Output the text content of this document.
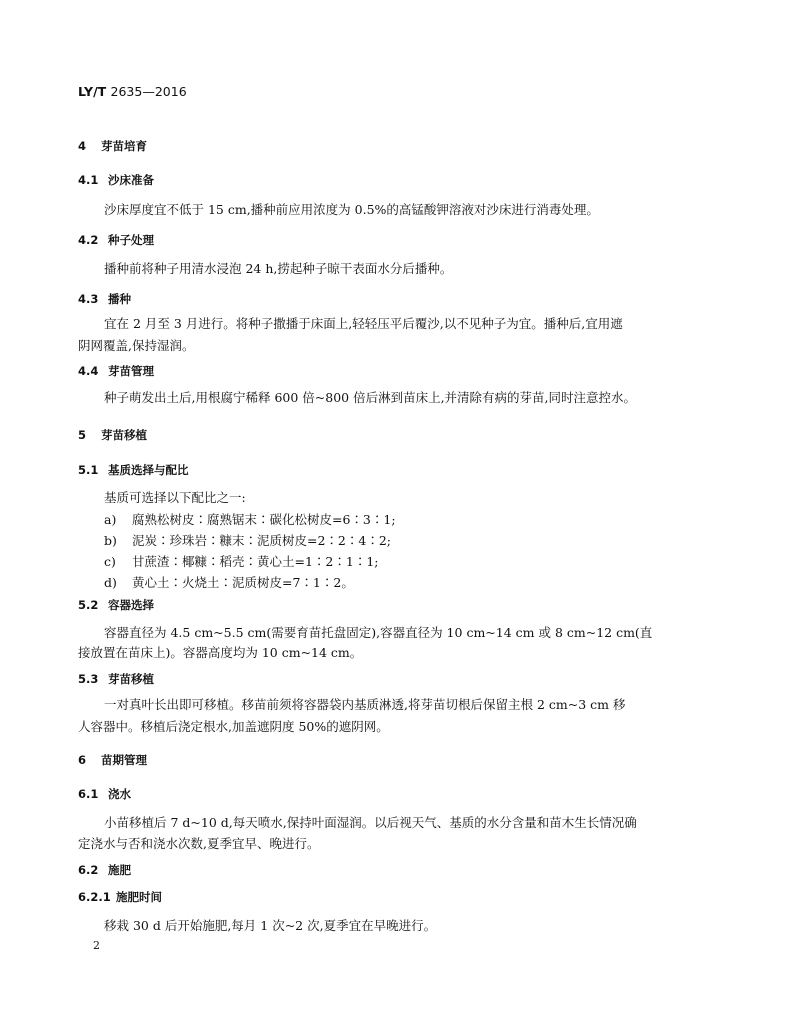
LY/T 2635—2016
4 芽苗培育
4.1 沙床准备
沙床厚度宜不低于 15 cm,播种前应用浓度为 0.5%的高锰酸钾溶液对沙床进行消毒处理。
4.2 种子处理
播种前将种子用清水浸泡 24 h,捞起种子晾干表面水分后播种。
4.3 播种
宜在 2 月至 3 月进行。将种子撒播于床面上,轻轻压平后覆沙,以不见种子为宜。播种后,宜用遮
阴网覆盖,保持湿润。
4.4 芽苗管理
种子萌发出土后,用根腐宁稀释 600 倍~800 倍后淋到苗床上,并清除有病的芽苗,同时注意控水。
5 芽苗移植
5.1 基质选择与配比
基质可选择以下配比之一:
a) 腐熟松树皮∶腐熟锯末∶碳化松树皮=6∶3∶1;
b) 泥炭∶珍珠岩∶糠末∶泥质树皮=2∶2∶4∶2;
c) 甘蔗渣∶椰糠∶稻壳∶黄心土=1∶2∶1∶1;
d) 黄心土∶火烧土∶泥质树皮=7∶1∶2。
5.2 容器选择
容器直径为 4.5 cm~5.5 cm(需要育苗托盘固定),容器直径为 10 cm~14 cm 或 8 cm~12 cm(直
接放置在苗床上)。容器高度均为 10 cm~14 cm。
5.3 芽苗移植
一对真叶长出即可移植。移苗前须将容器袋内基质淋透,将芽苗切根后保留主根 2 cm~3 cm 移
人容器中。移植后浇定根水,加盖遮阴度 50%的遮阴网。
6 苗期管理
6.1 浇水
小苗移植后 7 d~10 d,每天喷水,保持叶面湿润。以后视天气、基质的水分含量和苗木生长情况确
定浇水与否和浇水次数,夏季宜早、晚进行。
6.2 施肥
6.2.1 施肥时间
移栽 30 d 后开始施肥,每月 1 次~2 次,夏季宜在早晚进行。
2
